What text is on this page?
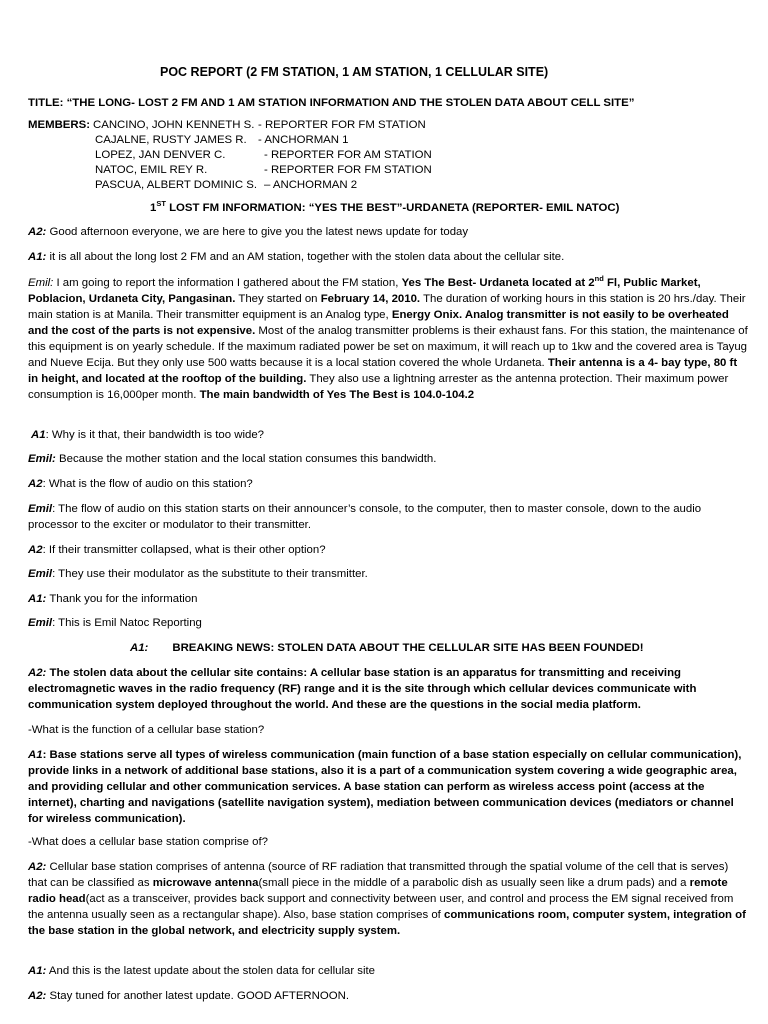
POC REPORT (2 FM STATION, 1 AM STATION, 1 CELLULAR SITE)
TITLE: “THE LONG- LOST 2 FM AND 1 AM STATION INFORMATION AND THE STOLEN DATA ABOUT CELL SITE”
MEMBERS: CANCINO, JOHN KENNETH S. - REPORTER FOR FM STATION
CAJALNE, RUSTY JAMES R. - ANCHORMAN 1
LOPEZ, JAN DENVER C.	- REPORTER FOR AM STATION
NATOC, EMIL REY R.	- REPORTER FOR FM STATION
PASCUA, ALBERT DOMINIC S. – ANCHORMAN 2
1ST LOST FM INFORMATION: “YES THE BEST”-URDANETA (REPORTER- EMIL NATOC)

A2: Good afternoon everyone, we are here to give you the latest news update for today

A1: it is all about the long lost 2 FM and an AM station, together with the stolen data about the cellular site.

Emil: I am going to report the information I gathered about the FM station, Yes The Best- Urdaneta located at 2nd Fl, Public Market, Poblacion, Urdaneta City, Pangasinan. They started on February 14, 2010. The duration of working hours in this station is 20 hrs./day. Their main station is at Manila. Their transmitter equipment is an Analog type, Energy Onix. Analog transmitter is not easily to be overheated and the cost of the parts is not expensive. Most of the analog transmitter problems is their exhaust fans. For this station, the maintenance of this equipment is on yearly schedule. If the maximum radiated power be set on maximum, it will reach up to 1kw and the covered area is Tayug and Nueve Ecija. But they only use 500 watts because it is a local station covered the whole Urdaneta. Their antenna is a 4- bay type, 80 ft in height, and located at the rooftop of the building. They also use a lightning arrester as the antenna protection. Their maximum power consumption is 16,000per month. The main bandwidth of Yes The Best is 104.0-104.2

A1: Why is it that, their bandwidth is too wide?

Emil: Because the mother station and the local station consumes this bandwidth.

A2: What is the flow of audio on this station?

Emil: The flow of audio on this station starts on their announcer’s console, to the computer, then to master console, down to the audio processor to the exciter or modulator to their transmitter.

A2: If their transmitter collapsed, what is their other option?

Emil: They use their modulator as the substitute to their transmitter.

A1: Thank you for the information

Emil: This is Emil Natoc Reporting

A1: BREAKING NEWS: STOLEN DATA ABOUT THE CELLULAR SITE HAS BEEN FOUNDED!

A2: The stolen data about the cellular site contains: A cellular base station is an apparatus for transmitting and receiving electromagnetic waves in the radio frequency (RF) range and it is the site through which cellular devices communicate with communication system deployed throughout the world. And these are the questions in the social media platform.

-What is the function of a cellular base station?

A1: Base stations serve all types of wireless communication (main function of a base station especially on cellular communication), provide links in a network of additional base stations, also it is a part of a communication system covering a wide geographic area, and providing cellular and other communication services. A base station can perform as wireless access point (access at the internet), charting and navigations (satellite navigation system), mediation between communication devices (mediators or channel for wireless communication).

-What does a cellular base station comprise of?

A2: Cellular base station comprises of antenna (source of RF radiation that transmitted through the spatial volume of the cell that is serves) that can be classified as microwave antenna(small piece in the middle of a parabolic dish as usually seen like a drum pads) and a remote radio head(act as a transceiver, provides back support and connectivity between user, and control and process the EM signal received from the antenna usually seen as a rectangular shape). Also, base station comprises of communications room, computer system, integration of the base station in the global network, and electricity supply system.

A1: And this is the latest update about the stolen data for cellular site

A2: Stay tuned for another latest update. GOOD AFTERNOON.
